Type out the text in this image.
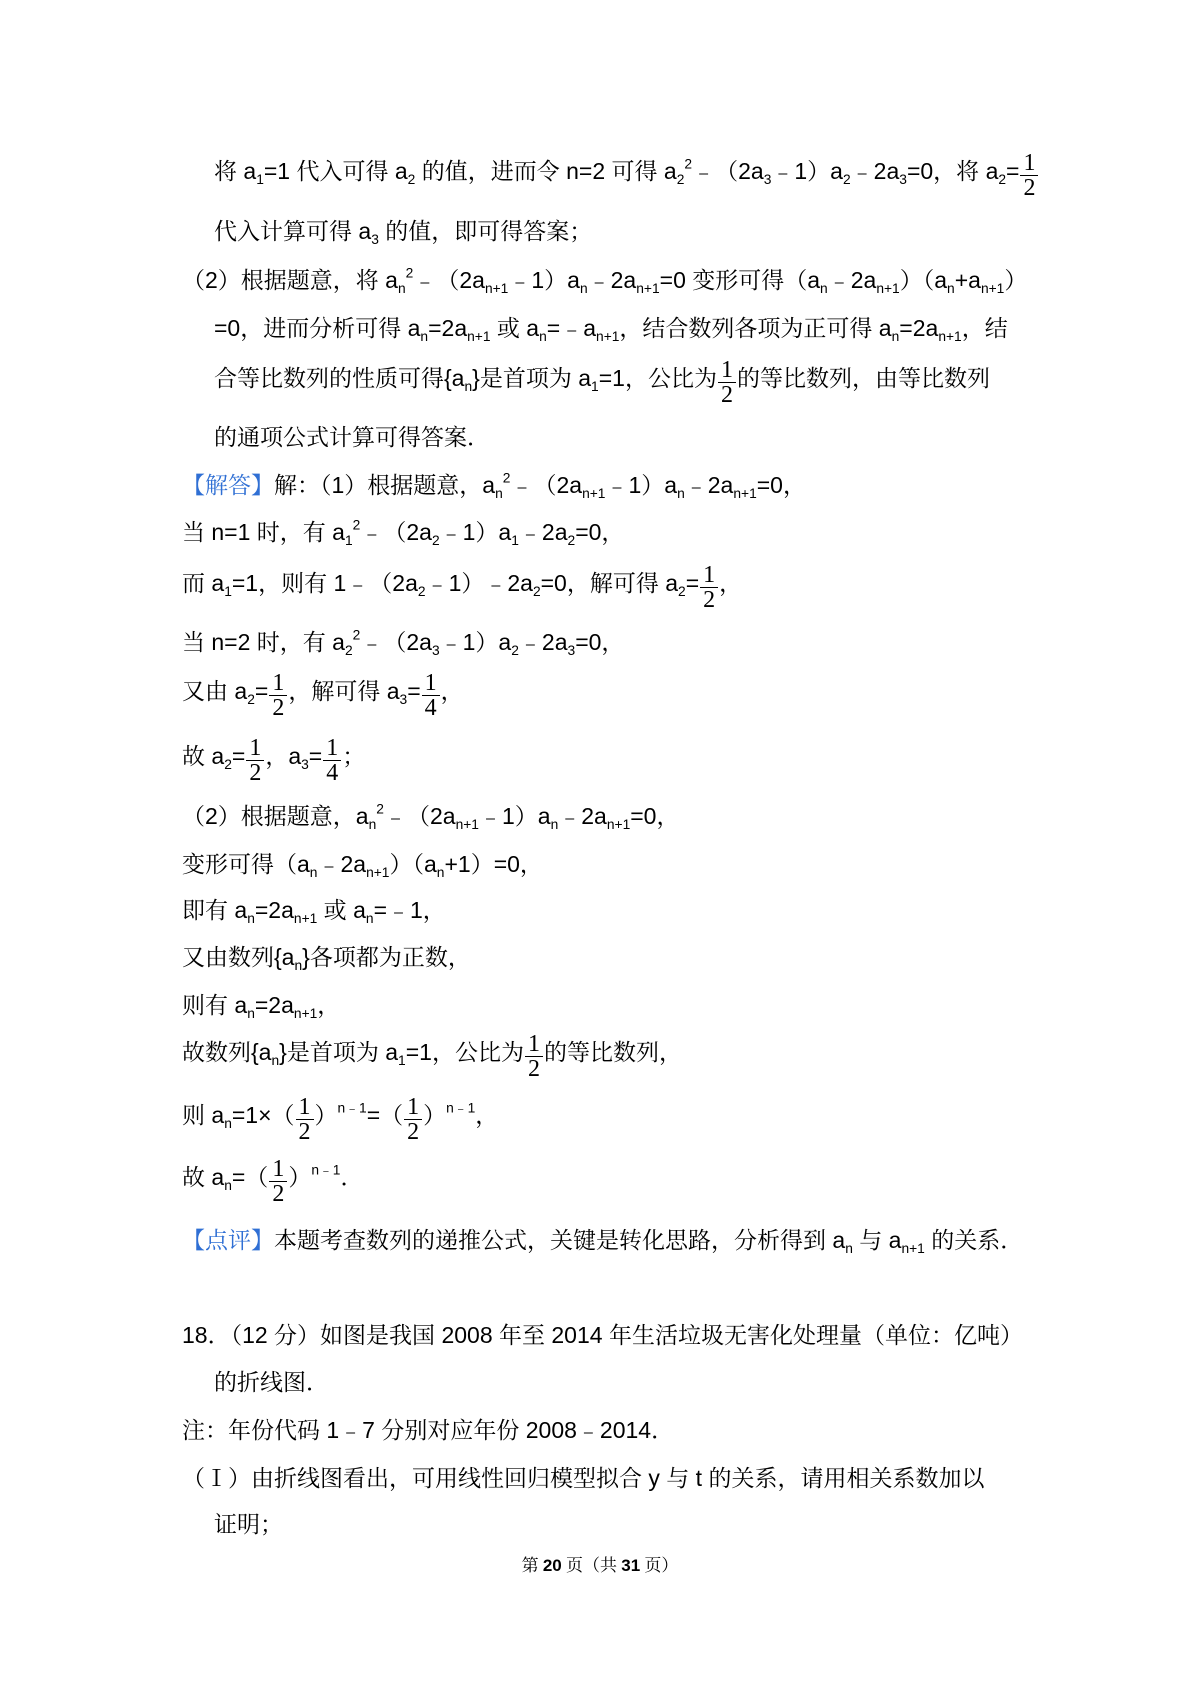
将 $a_1=1$ 代入可得 $a_2$ 的值，进而令 n=2 可得 $a_2^2﹣(2a_3﹣1)a_2﹣2a_3=0$，将 $a_2= \frac{1}{2}$
代入计算可得 $a_3$ 的值，即可得答案；
（2）根据题意，将 $a_n^2﹣(2a_{n+1}﹣1)a_n﹣2a_{n+1}=0$ 变形可得$(a_n﹣2a_{n+1})(a_n+a_{n+1})$
=0，进而分析可得 $a_n=2a_{n+1}$ 或 $a_n=﹣a_{n+1}$，结合数列各项为正可得 $a_n=2a_{n+1}$，结
合等比数列的性质可得$\{a_n\}$是首项为 $a_1=1$，公比为 $\frac{1}{2}$ 的等比数列，由等比数列
的通项公式计算可得答案．
【解答】解：（1）根据题意，$a_n^2﹣(2a_{n+1}﹣1)a_n﹣2a_{n+1}=0$，
当 n=1 时，有 $a_1^2﹣(2a_2﹣1)a_1﹣2a_2=0$，
而 $a_1=1$，则有 $1﹣(2a_2﹣1)﹣2a_2=0$，解可得 $a_2= \frac{1}{2}$ ，
当 n=2 时，有 $a_2^2﹣(2a_3﹣1)a_2﹣2a_3=0$，
又由 $a_2= \frac{1}{2}$ ，解可得 $a_3= \frac{1}{4}$ ，
故 $a_2= \frac{1}{2}$ ，$a_3= \frac{1}{4}$ ；
（2）根据题意，$a_n^2﹣(2a_{n+1}﹣1)a_n﹣2a_{n+1}=0$，
变形可得$(a_n﹣2a_{n+1})(a_n+1)=0$，
即有 $a_n=2a_{n+1}$ 或 $a_n=﹣1$，
又由数列$\{a_n\}$各项都为正数，
则有 $a_n=2a_{n+1}$，
故数列$\{a_n\}$是首项为 $a_1=1$，公比为 $\frac{1}{2}$ 的等比数列，
则 $a_n=1\times( \frac{1}{2} )^{n﹣1}=( \frac{1}{2} )^{n﹣1}$，
故 $a_n=( \frac{1}{2} )^{n﹣1}$．
【点评】本题考查数列的递推公式，关键是转化思路，分析得到 $a_n$ 与 $a_{n+1}$ 的关系．
18．（12 分）如图是我国 2008 年至 2014 年生活垃圾无害化处理量（单位：亿吨）
的折线图．
注：年份代码 1﹣7 分别对应年份 2008﹣2014．
（Ⅰ）由折线图看出，可用线性回归模型拟合 y 与 t 的关系，请用相关系数加以
证明；
第 20 页（共 31 页）
